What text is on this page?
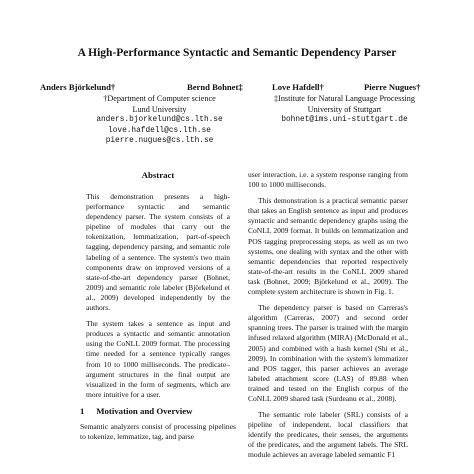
A High-Performance Syntactic and Semantic Dependency Parser
Anders Björkelund†	Bernd Bohnet‡	Love Hafdell†	Pierre Nugues†
†Department of Computer science
Lund University
anders.bjorkelund@cs.lth.se
love.hafdell@cs.lth.se
pierre.nugues@cs.lth.se
‡Institute for Natural Language Processing
University of Stuttgart
bohnet@ims.uni-stuttgart.de
Abstract

This demonstration presents a high-performance syntactic and semantic dependency parser. The system consists of a pipeline of modules that carry out the tokenization, lemmatization, part-of-speech tagging, dependency parsing, and semantic role labeling of a sentence. The system's two main components draw on improved versions of a state-of-the-art dependency parser (Bohnet, 2009) and semantic role labeler (Björkelund et al., 2009) developed independently by the authors.

The system takes a sentence as input and produces a syntactic and semantic annotation using the CoNLL 2009 format. The processing time needed for a sentence typically ranges from 10 to 1000 milliseconds. The predicate–argument structures in the final output are visualized in the form of segments, which are more intuitive for a user.

1 Motivation and Overview

Semantic analyzers consist of processing pipelines to tokenize, lemmatize, tag, and parse

user interaction, i.e. a system response ranging from 100 to 1000 milliseconds.

This demonstration is a practical semantic parser that takes an English sentence as input and produces syntactic and semantic dependency graphs using the CoNLL 2009 format. It builds on lemmatization and POS tagging preprocessing steps, as well as on two systems, one dealing with syntax and the other with semantic dependencies that reported respectively state-of-the-art results in the CoNLL 2009 shared task (Bohnet, 2009; Björkelund et al., 2009). The complete system architecture is shown in Fig. 1.

The dependency parser is based on Carreras's algorithm (Carreras, 2007) and second order spanning trees. The parser is trained with the margin infused relaxed algorithm (MIRA) (McDonald et al., 2005) and combined with a hash kernel (Shi et al., 2009). In combination with the system's lemmatizer and POS tagger, this parser achieves an average labeled attachment score (LAS) of 89.88 when trained and tested on the English corpus of the CoNLL 2009 shared task (Surdeanu et al., 2008).

The semantic role labeler (SRL) consists of a pipeline of independent, local classifiers that identify the predicates, their senses, the arguments of the predicates, and the argument labels. The SRL module achieves an average labeled semantic F1
